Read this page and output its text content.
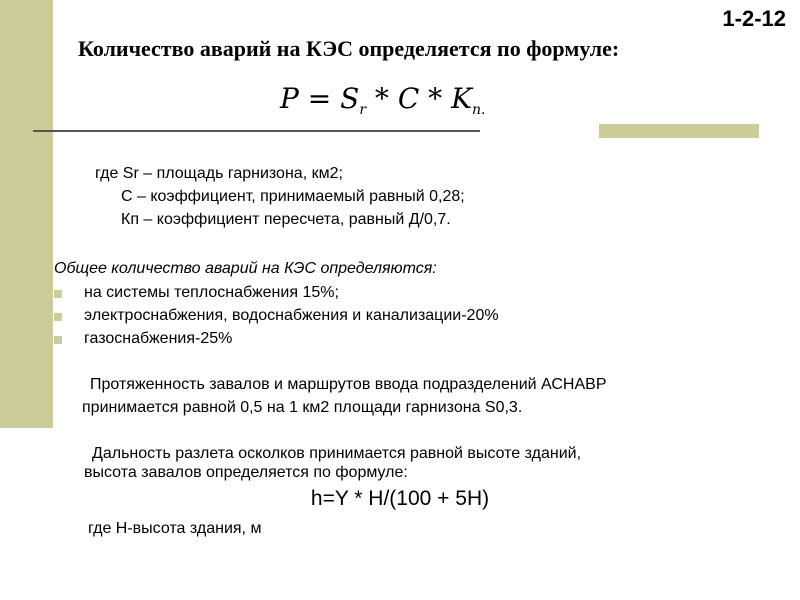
1-2-12
Количество аварий на КЭС определяется по формуле:
$P = S_r * C * K_{п.}$
где Sr – площадь гарнизона, км2;
С – коэффициент, принимаемый равный 0,28;
Кп – коэффициент пересчета, равный Д/0,7.
Общее количество аварий на КЭС определяются:
на системы теплоснабжения 15%;
электроснабжения, водоснабжения и канализации-20%
газоснабжения-25%
Протяженность завалов и маршрутов ввода подразделений АСНАВР
принимается равной 0,5 на 1 км2 площади гарнизона S0,3.
Дальность разлета осколков принимается равной высоте зданий,
высота завалов определяется по формуле:
h=Y * H/(100 + 5H)
где Н-высота здания, м
